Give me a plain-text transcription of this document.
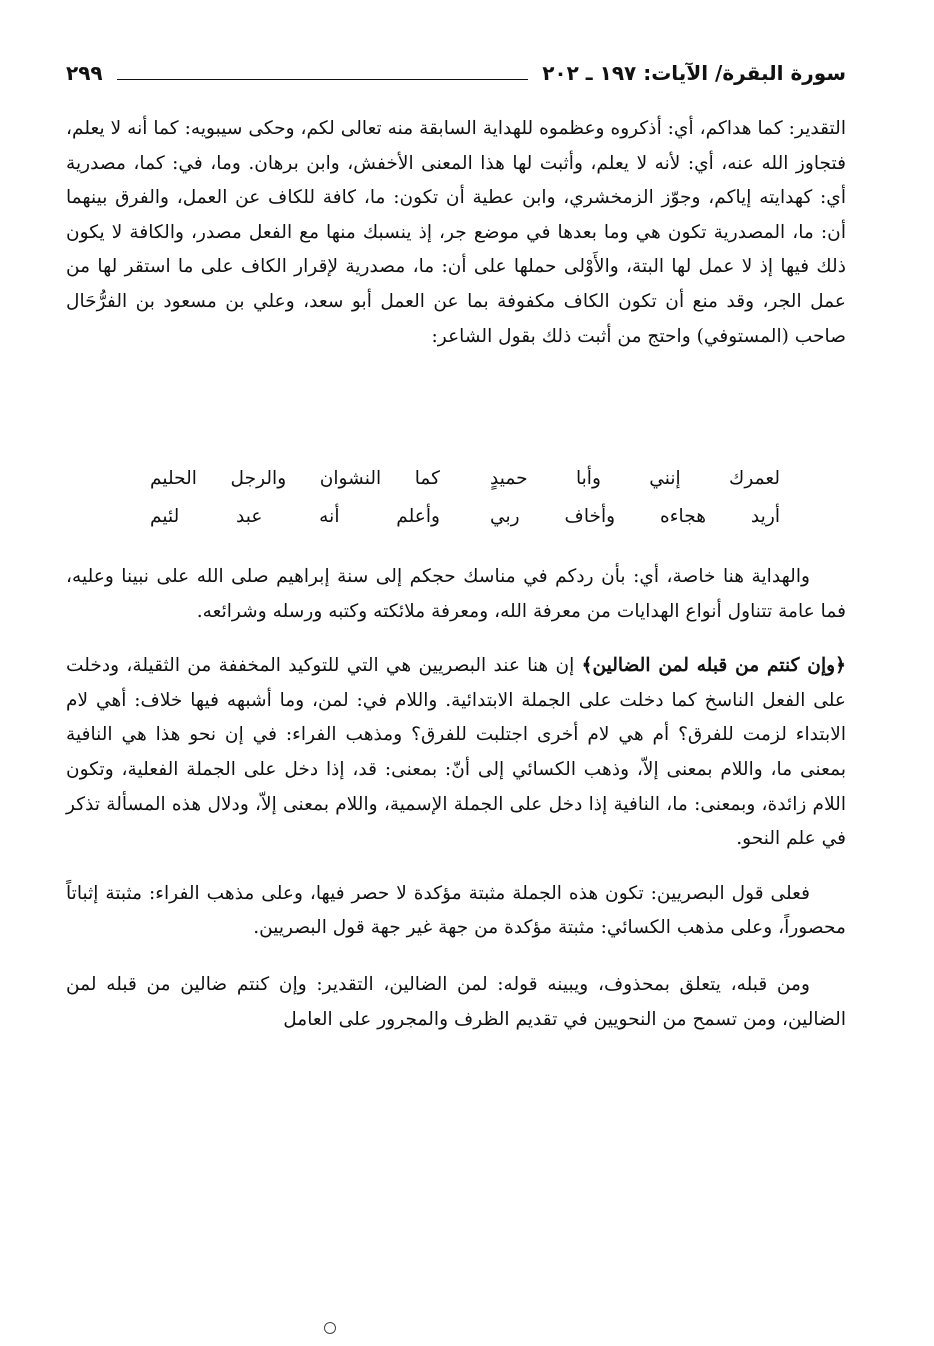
سورة البقرة/ الآيات: ١٩٧ ـ ٢٠٢
٢٩٩

التقدير: كما هداكم، أي: أذكروه وعظموه للهداية السابقة منه تعالى لكم، وحكى سيبويه: كما أنه لا يعلم، فتجاوز الله عنه، أي: لأنه لا يعلم، وأثبت لها هذا المعنى الأخفش، وابن برهان. وما، في: كما، مصدرية أي: كهدايته إياكم، وجوّز الزمخشري، وابن عطية أن تكون: ما، كافة للكاف عن العمل، والفرق بينهما أن: ما، المصدرية تكون هي وما بعدها في موضع جر، إذ ينسبك منها مع الفعل مصدر، والكافة لا يكون ذلك فيها إذ لا عمل لها البتة، والأَوْلى حملها على أن: ما، مصدرية لإقرار الكاف على ما استقر لها من عمل الجر، وقد منع أن تكون الكاف مكفوفة بما عن العمل أبو سعد، وعلي بن مسعود بن الفرُّحَال صاحب (المستوفي) واحتج من أثبت ذلك بقول الشاعر:

لعمرك إنني وأبا حميدٍ
كما النشوان والرجل الحليم
أريد هجاءه وأخاف ربي
وأعلم أنه عبد لئيم

والهداية هنا خاصة، أي: بأن ردكم في مناسك حجكم إلى سنة إبراهيم صلى الله على نبينا وعليه، فما عامة تتناول أنواع الهدايات من معرفة الله، ومعرفة ملائكته وكتبه ورسله وشرائعه.

﴿وإن كنتم من قبله لمن الضالين﴾ إن هنا عند البصريين هي التي للتوكيد المخففة من الثقيلة، ودخلت على الفعل الناسخ كما دخلت على الجملة الابتدائية. واللام في: لمن، وما أشبهه فيها خلاف: أهي لام الابتداء لزمت للفرق؟ أم هي لام أخرى اجتلبت للفرق؟ ومذهب الفراء: في إن نحو هذا هي النافية بمعنى ما، واللام بمعنى إلاّ، وذهب الكسائي إلى أنّ: بمعنى: قد، إذا دخل على الجملة الفعلية، وتكون اللام زائدة، وبمعنى: ما، النافية إذا دخل على الجملة الإسمية، واللام بمعنى إلاّ، ودلال هذه المسألة تذكر في علم النحو.

فعلى قول البصريين: تكون هذه الجملة مثبتة مؤكدة لا حصر فيها، وعلى مذهب الفراء: مثبتة إثباتاً محصوراً، وعلى مذهب الكسائي: مثبتة مؤكدة من جهة غير جهة قول البصريين.

ومن قبله، يتعلق بمحذوف، ويبينه قوله: لمن الضالين، التقدير: وإن كنتم ضالين من قبله لمن الضالين، ومن تسمح من النحويين في تقديم الظرف والمجرور على العامل
